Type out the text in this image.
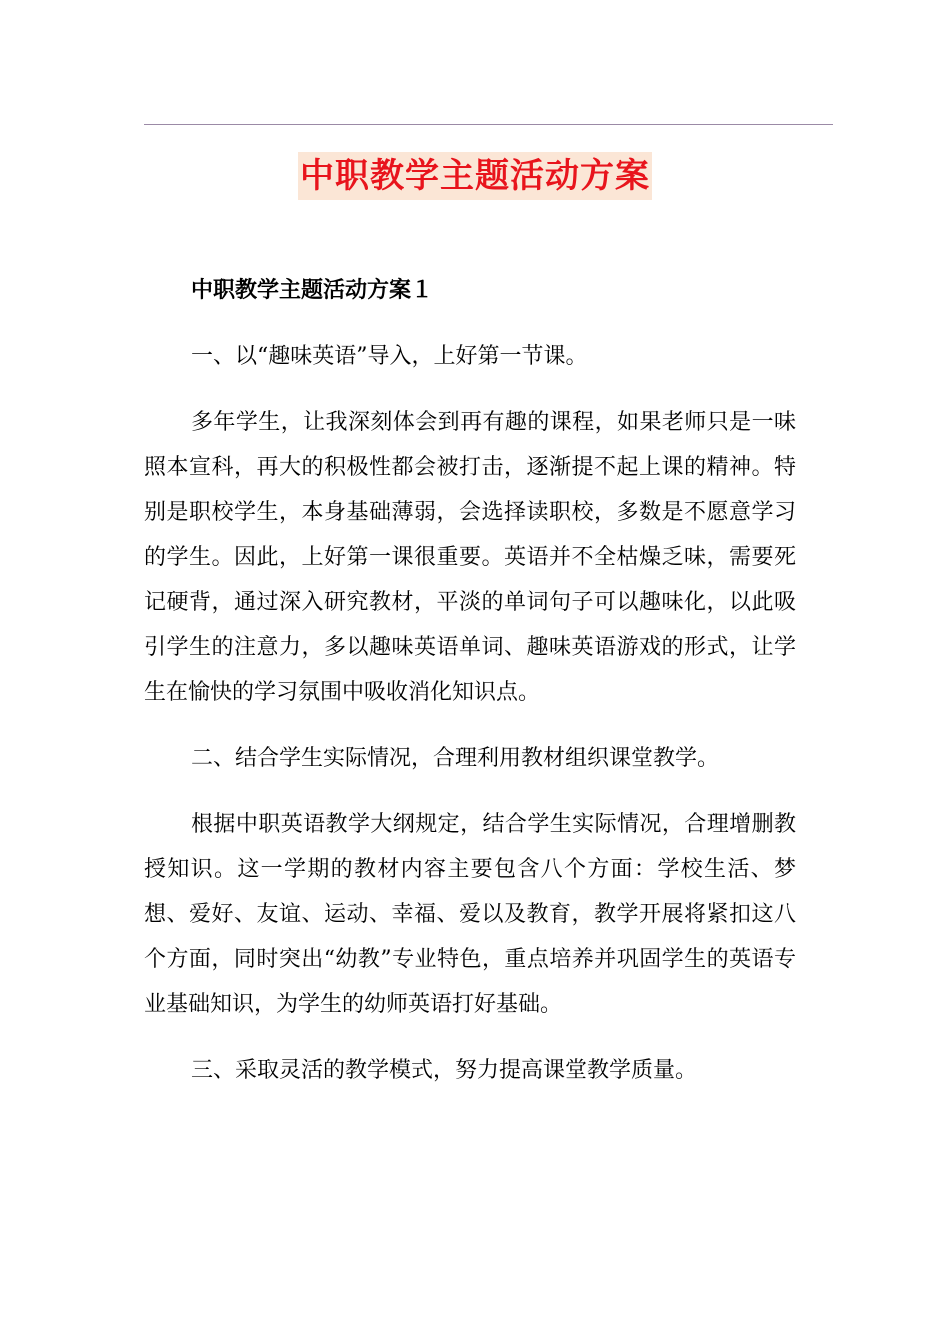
中职教学主题活动方案

中职教学主题活动方案１

一、以“趣味英语”导入，上好第一节课。

多年学生，让我深刻体会到再有趣的课程，如果老师只是一味照本宣科，再大的积极性都会被打击，逐渐提不起上课的精神。特别是职校学生，本身基础薄弱，会选择读职校，多数是不愿意学习的学生。因此，上好第一课很重要。英语并不全枯燥乏味，需要死记硬背，通过深入研究教材，平淡的单词句子可以趣味化，以此吸引学生的注意力，多以趣味英语单词、趣味英语游戏的形式，让学生在愉快的学习氛围中吸收消化知识点。

二、结合学生实际情况，合理利用教材组织课堂教学。

根据中职英语教学大纲规定，结合学生实际情况，合理增删教授知识。这一学期的教材内容主要包含八个方面：学校生活、梦想、爱好、友谊、运动、幸福、爱以及教育，教学开展将紧扣这八个方面，同时突出“幼教”专业特色，重点培养并巩固学生的英语专业基础知识，为学生的幼师英语打好基础。

三、采取灵活的教学模式，努力提高课堂教学质量。
